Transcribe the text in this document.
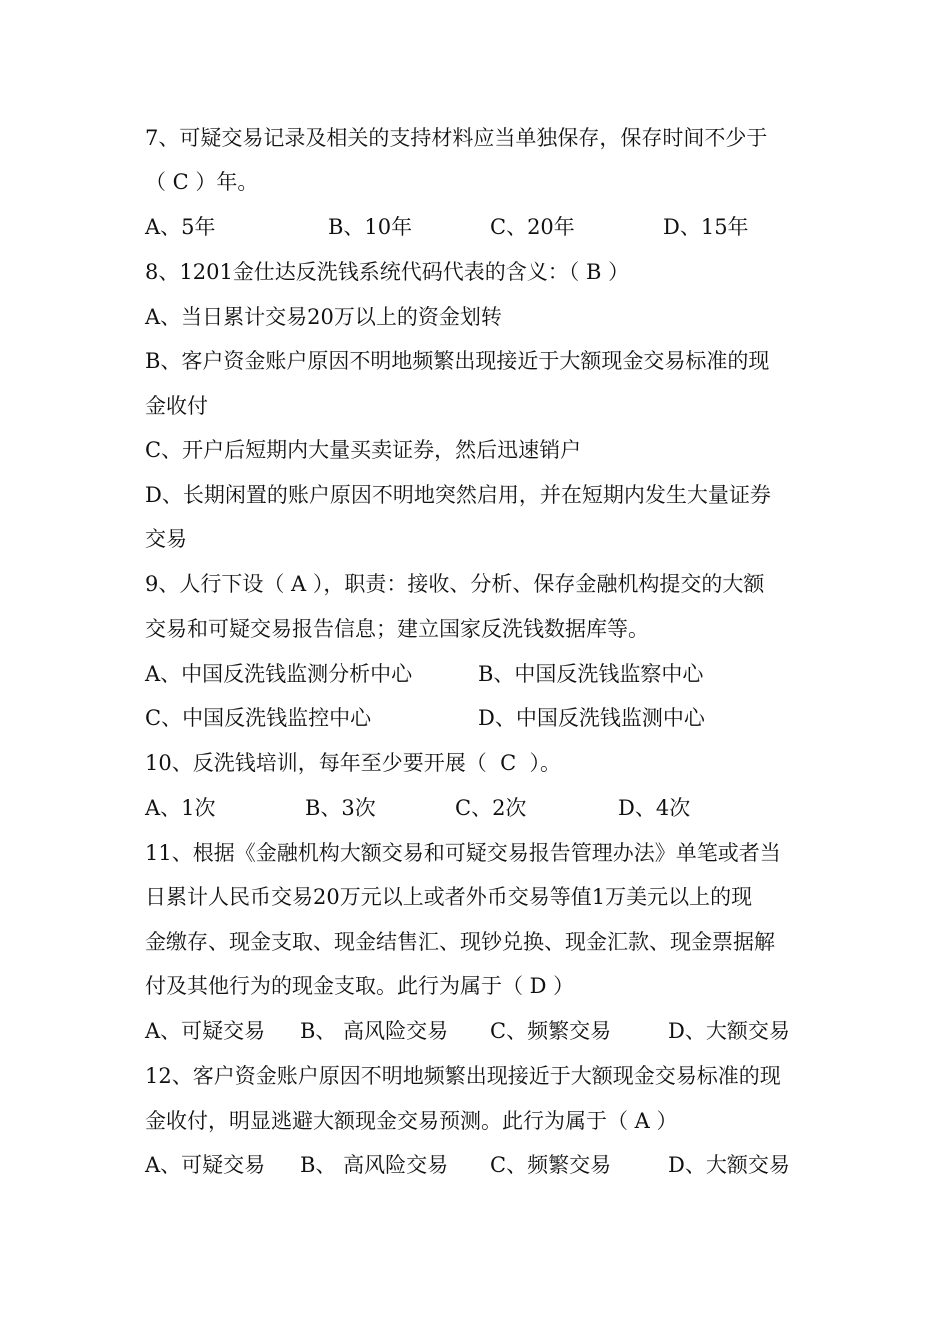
7、可疑交易记录及相关的支持材料应当单独保存，保存时间不少于
（ C ）年。
A、5年	B、10年	C、20年	D、15年
8、1201金仕达反洗钱系统代码代表的含义：（ B ）
A、当日累计交易20万以上的资金划转
B、客户资金账户原因不明地频繁出现接近于大额现金交易标准的现
金收付
C、开户后短期内大量买卖证券，然后迅速销户
D、长期闲置的账户原因不明地突然启用，并在短期内发生大量证券
交易
9、人行下设（ A ），职责：接收、分析、保存金融机构提交的大额
交易和可疑交易报告信息；建立国家反洗钱数据库等。
A、中国反洗钱监测分析中心	B、中国反洗钱监察中心
C、中国反洗钱监控中心	D、中国反洗钱监测中心
10、反洗钱培训，每年至少要开展（  C  ）。
A、1次	B、3次	C、2次	D、4次
11、根据《金融机构大额交易和可疑交易报告管理办法》单笔或者当
日累计人民币交易20万元以上或者外币交易等值1万美元以上的现
金缴存、现金支取、现金结售汇、现钞兑换、现金汇款、现金票据解
付及其他行为的现金支取。此行为属于（ D ）
A、可疑交易 B、 高风险交易 C、频繁交易	D、大额交易
12、客户资金账户原因不明地频繁出现接近于大额现金交易标准的现
金收付，明显逃避大额现金交易预测。此行为属于（ A ）
A、可疑交易 B、 高风险交易 C、频繁交易	D、大额交易
